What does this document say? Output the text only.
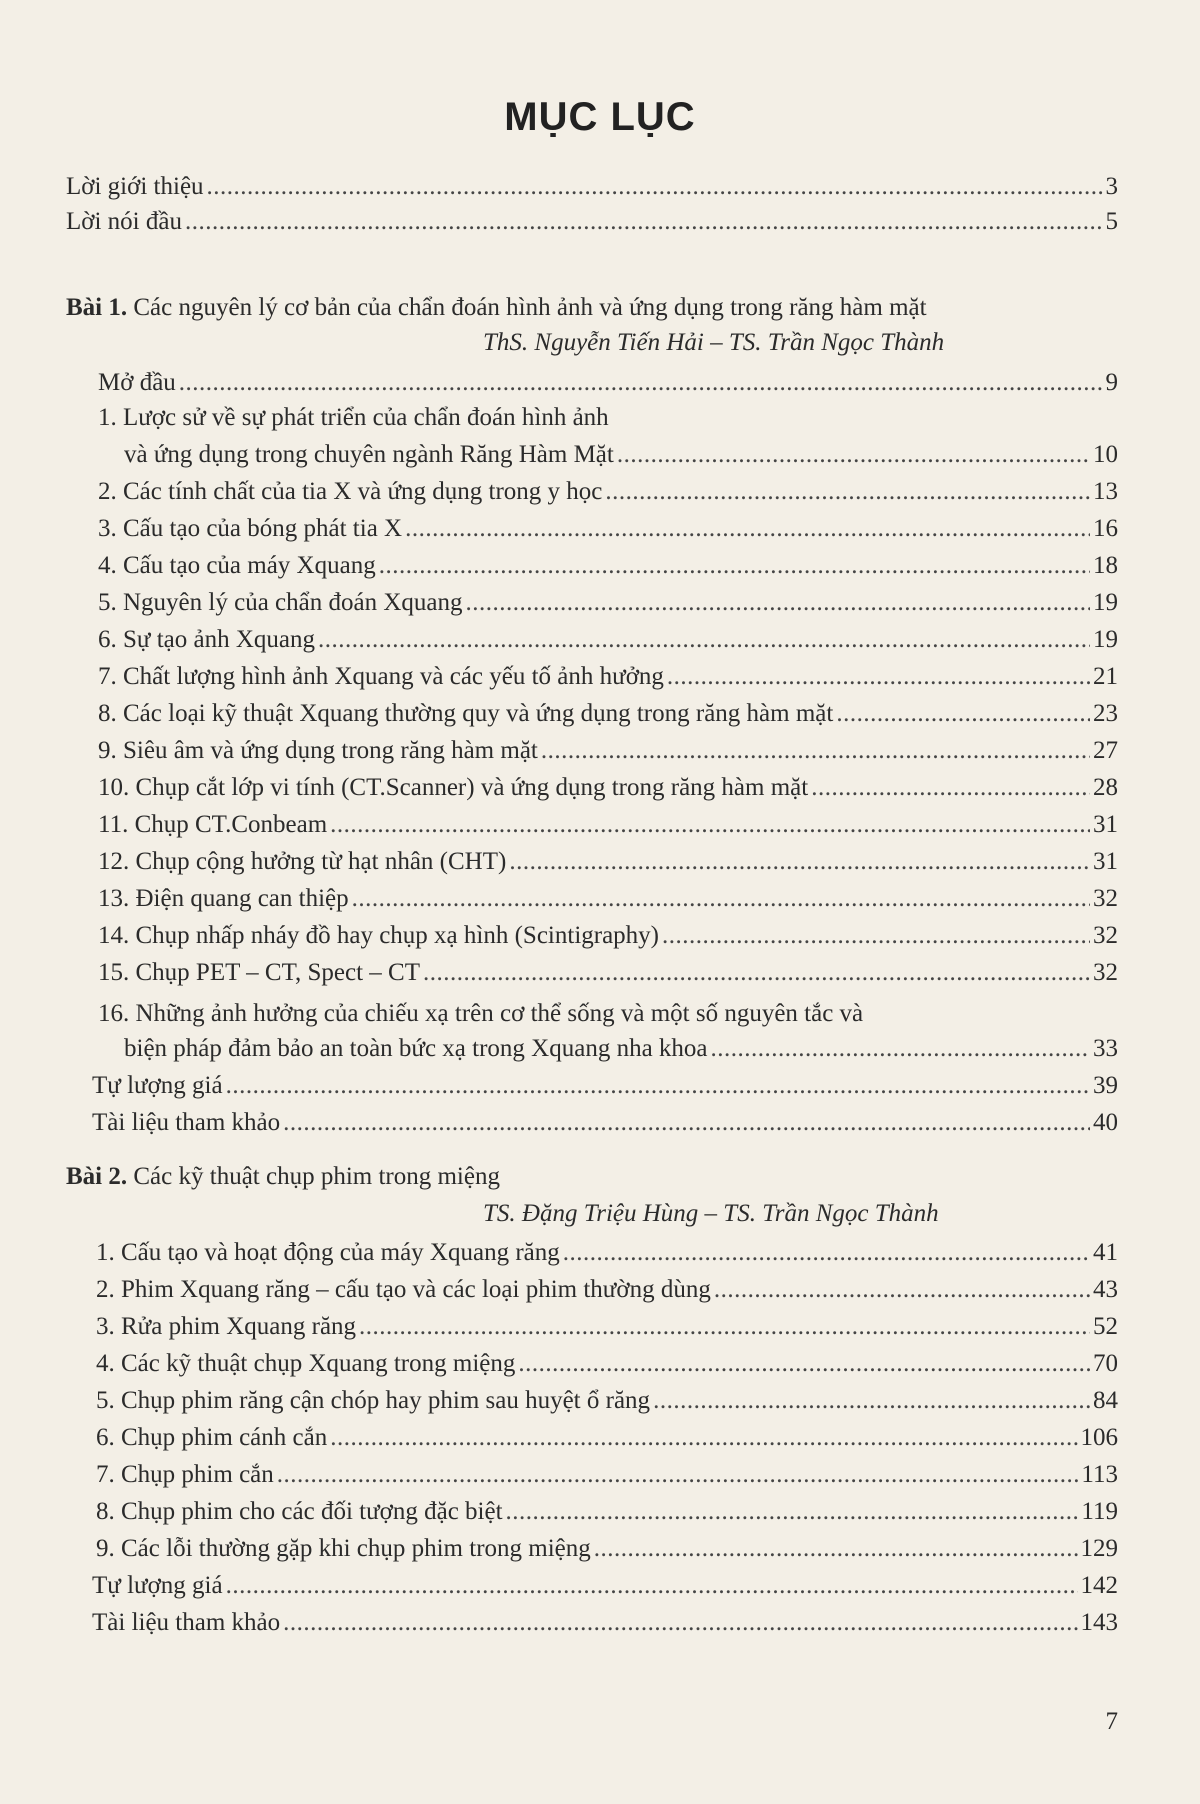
MỤC LỤC
Lời giới thiệu .....	3
Lời nói đầu .....	5
Bài 1. Các nguyên lý cơ bản của chẩn đoán hình ảnh và ứng dụng trong răng hàm mặt
ThS. Nguyễn Tiến Hải – TS. Trần Ngọc Thành
Mở đầu .....	9
1. Lược sử về sự phát triển của chẩn đoán hình ảnh
và ứng dụng trong chuyên ngành Răng Hàm Mặt .....	10
2. Các tính chất của tia X và ứng dụng trong y học .....	13
3. Cấu tạo của bóng phát tia X .....	16
4. Cấu tạo của máy Xquang .....	18
5. Nguyên lý của chẩn đoán Xquang .....	19
6. Sự tạo ảnh Xquang .....	19
7. Chất lượng hình ảnh Xquang và các yếu tố ảnh hưởng .....	21
8. Các loại kỹ thuật Xquang thường quy và ứng dụng trong răng hàm mặt .....	23
9. Siêu âm và ứng dụng trong răng hàm mặt .....	27
10. Chụp cắt lớp vi tính (CT.Scanner) và ứng dụng trong răng hàm mặt .....	28
11. Chụp CT.Conbeam .....	31
12. Chụp cộng hưởng từ hạt nhân (CHT) .....	31
13. Điện quang can thiệp .....	32
14. Chụp nhấp nháy đồ hay chụp xạ hình (Scintigraphy) .....	32
15. Chụp PET – CT, Spect – CT .....	32
16. Những ảnh hưởng của chiếu xạ trên cơ thể sống và một số nguyên tắc và
biện pháp đảm bảo an toàn bức xạ trong Xquang nha khoa .....	33
Tự lượng giá .....	39
Tài liệu tham khảo .....	40
Bài 2. Các kỹ thuật chụp phim trong miệng
TS. Đặng Triệu Hùng – TS. Trần Ngọc Thành
1. Cấu tạo và hoạt động của máy Xquang răng .....	41
2. Phim Xquang răng – cấu tạo và các loại phim thường dùng .....	43
3. Rửa phim Xquang răng .....	52
4. Các kỹ thuật chụp Xquang trong miệng .....	70
5. Chụp phim răng cận chóp hay phim sau huyệt ổ răng .....	84
6. Chụp phim cánh cắn .....	106
7. Chụp phim cắn .....	113
8. Chụp phim cho các đối tượng đặc biệt .....	119
9. Các lỗi thường gặp khi chụp phim trong miệng .....	129
Tự lượng giá .....	142
Tài liệu tham khảo .....	143
7
